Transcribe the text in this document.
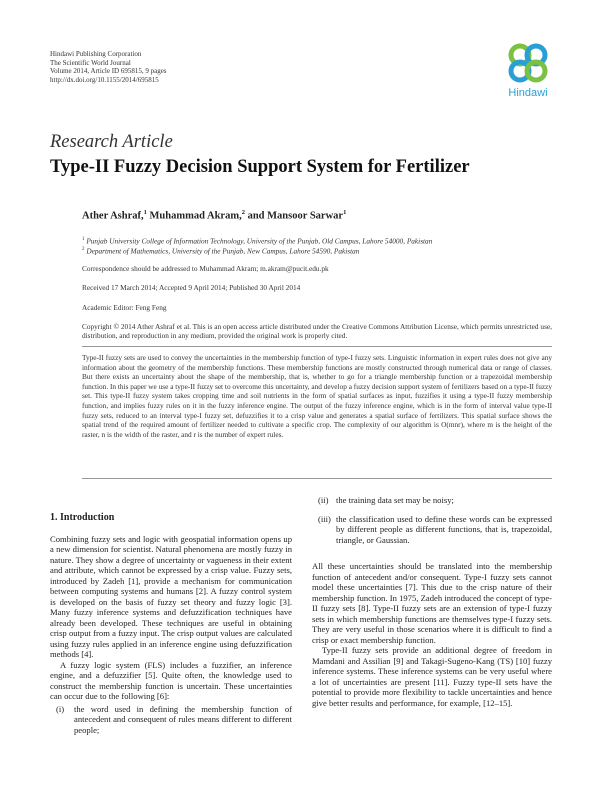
Hindawi Publishing Corporation
The Scientific World Journal
Volume 2014, Article ID 695815, 9 pages
http://dx.doi.org/10.1155/2014/695815
Hindawi
Research Article
Type-II Fuzzy Decision Support System for Fertilizer
Ather Ashraf,$^1$ Muhammad Akram,$^2$ and Mansoor Sarwar$^1$
$^1$ Punjab University College of Information Technology, University of the Punjab, Old Campus, Lahore 54000, Pakistan
$^2$ Department of Mathematics, University of the Punjab, New Campus, Lahore 54590, Pakistan
Correspondence should be addressed to Muhammad Akram; m.akram@pucit.edu.pk
Received 17 March 2014; Accepted 9 April 2014; Published 30 April 2014
Academic Editor: Feng Feng
Copyright © 2014 Ather Ashraf et al. This is an open access article distributed under the Creative Commons Attribution License, which permits unrestricted use, distribution, and reproduction in any medium, provided the original work is properly cited.
Type-II fuzzy sets are used to convey the uncertainties in the membership function of type-I fuzzy sets. Linguistic information in expert rules does not give any information about the geometry of the membership functions. These membership functions are mostly constructed through numerical data or range of classes. But there exists an uncertainty about the shape of the membership, that is, whether to go for a triangle membership function or a trapezoidal membership function. In this paper we use a type-II fuzzy set to overcome this uncertainty, and develop a fuzzy decision support system of fertilizers based on a type-II fuzzy set. This type-II fuzzy system takes cropping time and soil nutrients in the form of spatial surfaces as input, fuzzifies it using a type-II fuzzy membership function, and implies fuzzy rules on it in the fuzzy inference engine. The output of the fuzzy inference engine, which is in the form of interval value type-II fuzzy sets, reduced to an interval type-I fuzzy set, defuzzifies it to a crisp value and generates a spatial surface of fertilizers. This spatial surface shows the spatial trend of the required amount of fertilizer needed to cultivate a specific crop. The complexity of our algorithm is O(mnr), where m is the height of the raster, n is the width of the raster, and r is the number of expert rules.
1. Introduction

Combining fuzzy sets and logic with geospatial information opens up a new dimension for scientist. Natural phenomena are mostly fuzzy in nature. They show a degree of uncertainty or vagueness in their extent and attribute, which cannot be expressed by a crisp value. Fuzzy sets, introduced by Zadeh [1], provide a mechanism for communication between computing systems and humans [2]. A fuzzy control system is developed on the basis of fuzzy set theory and fuzzy logic [3]. Many fuzzy inference systems and defuzzification techniques have already been developed. These techniques are useful in obtaining crisp output from a fuzzy input. The crisp output values are calculated using fuzzy rules applied in an inference engine using defuzzification methods [4].

A fuzzy logic system (FLS) includes a fuzzifier, an inference engine, and a defuzzifier [5]. Quite often, the knowledge used to construct the membership function is uncertain. These uncertainties can occur due to the following [6]:

(i)	the word used in defining the membership function of antecedent and consequent of rules means different to different people;
(ii) the training data set may be noisy;
(iii) the classification used to define these words can be expressed by different people as different functions, that is, trapezoidal, triangle, or Gaussian.

All these uncertainties should be translated into the membership function of antecedent and/or consequent. Type-I fuzzy sets cannot model these uncertainties [7]. This due to the crisp nature of their membership function. In 1975, Zadeh introduced the concept of type-II fuzzy sets [8]. Type-II fuzzy sets are an extension of type-I fuzzy sets in which membership functions are themselves type-I fuzzy sets. They are very useful in those scenarios where it is difficult to find a crisp or exact membership function.

Type-II fuzzy sets provide an additional degree of freedom in Mamdani and Assilian [9] and Takagi-Sugeno-Kang (TS) [10] fuzzy inference systems. These inference systems can be very useful where a lot of uncertainties are present [11]. Fuzzy type-II sets have the potential to provide more flexibility to tackle uncertainties and hence give better results and performance, for example, [12–15].
